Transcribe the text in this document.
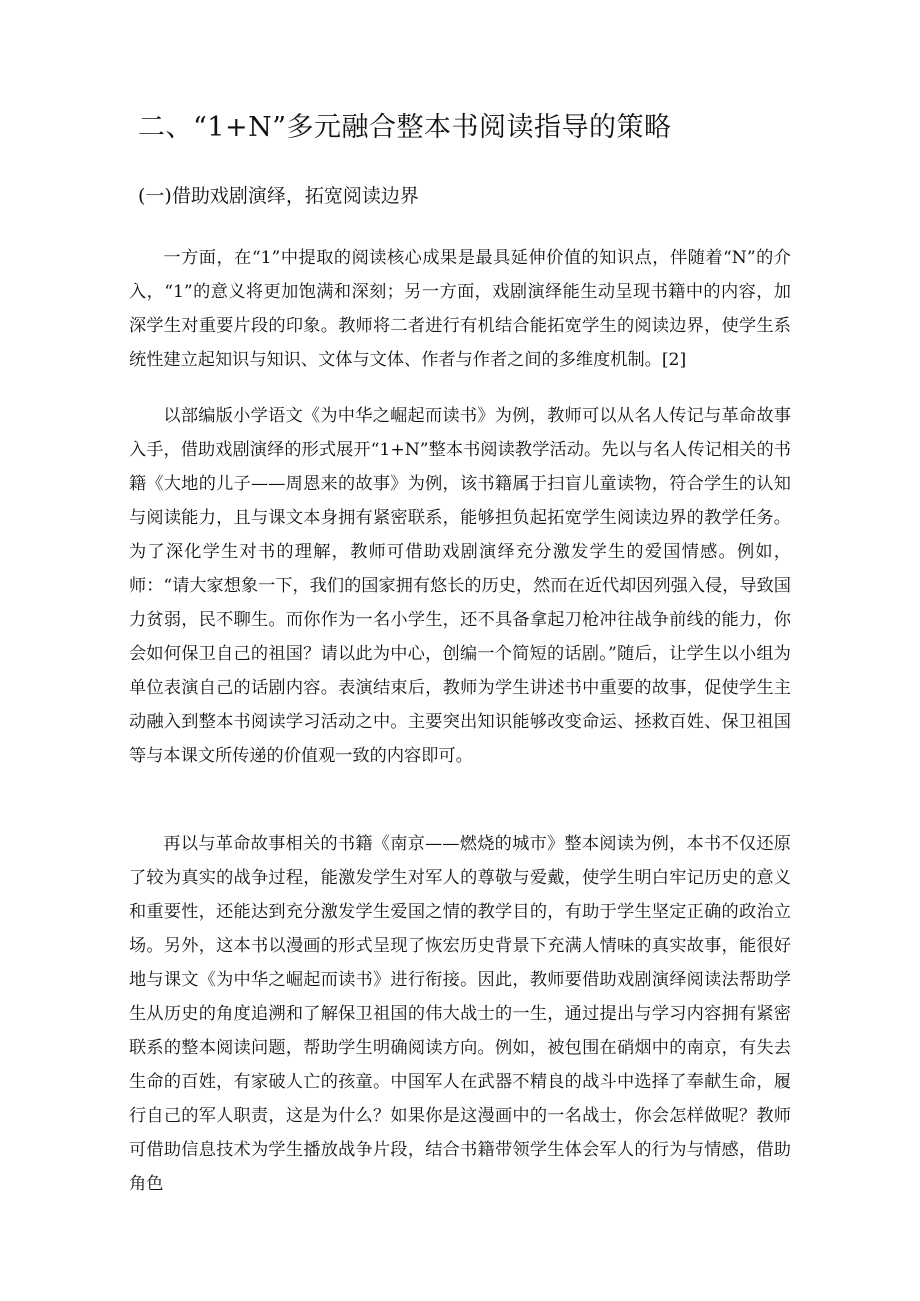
二、“1+N”多元融合整本书阅读指导的策略
(一)借助戏剧演绎，拓宽阅读边界

一方面，在“1”中提取的阅读核心成果是最具延伸价值的知识点，伴随着“N”的介入，“1”的意义将更加饱满和深刻；另一方面，戏剧演绎能生动呈现书籍中的内容，加深学生对重要片段的印象。教师将二者进行有机结合能拓宽学生的阅读边界，使学生系统性建立起知识与知识、文体与文体、作者与作者之间的多维度机制。[2]

以部编版小学语文《为中华之崛起而读书》为例，教师可以从名人传记与革命故事入手，借助戏剧演绎的形式展开“1+N”整本书阅读教学活动。先以与名人传记相关的书籍《大地的儿子——周恩来的故事》为例，该书籍属于扫盲儿童读物，符合学生的认知与阅读能力，且与课文本身拥有紧密联系，能够担负起拓宽学生阅读边界的教学任务。为了深化学生对书的理解，教师可借助戏剧演绎充分激发学生的爱国情感。例如，师：“请大家想象一下，我们的国家拥有悠长的历史，然而在近代却因列强入侵，导致国力贫弱，民不聊生。而你作为一名小学生，还不具备拿起刀枪冲往战争前线的能力，你会如何保卫自己的祖国？请以此为中心，创编一个简短的话剧。”随后，让学生以小组为单位表演自己的话剧内容。表演结束后，教师为学生讲述书中重要的故事，促使学生主动融入到整本书阅读学习活动之中。主要突出知识能够改变命运、拯救百姓、保卫祖国等与本课文所传递的价值观一致的内容即可。

再以与革命故事相关的书籍《南京——燃烧的城市》整本阅读为例，本书不仅还原了较为真实的战争过程，能激发学生对军人的尊敬与爱戴，使学生明白牢记历史的意义和重要性，还能达到充分激发学生爱国之情的教学目的，有助于学生坚定正确的政治立场。另外，这本书以漫画的形式呈现了恢宏历史背景下充满人情味的真实故事，能很好地与课文《为中华之崛起而读书》进行衔接。因此，教师要借助戏剧演绎阅读法帮助学生从历史的角度追溯和了解保卫祖国的伟大战士的一生，通过提出与学习内容拥有紧密联系的整本阅读问题，帮助学生明确阅读方向。例如，被包围在硝烟中的南京，有失去生命的百姓，有家破人亡的孩童。中国军人在武器不精良的战斗中选择了奉献生命，履行自己的军人职责，这是为什么？如果你是这漫画中的一名战士，你会怎样做呢？教师可借助信息技术为学生播放战争片段，结合书籍带领学生体会军人的行为与情感，借助角色
